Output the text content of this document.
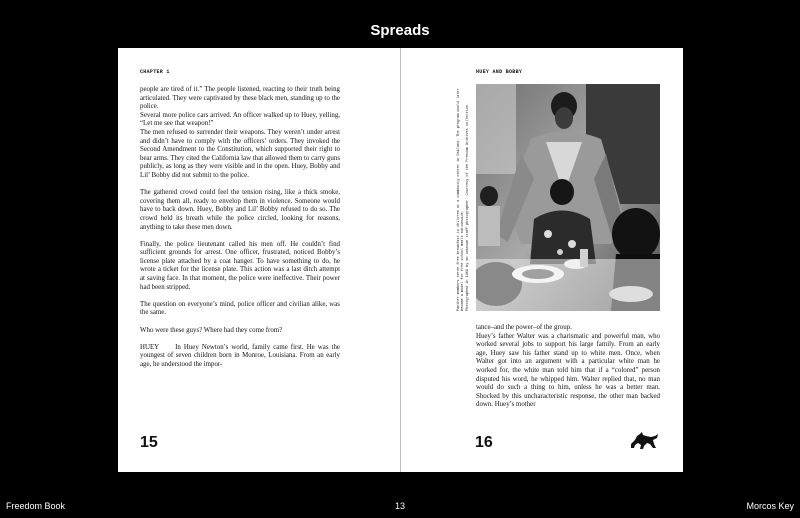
Spreads
CHAPTER 1

people are tired of it.” The people listened, reacting to their truth being articulated. They were captivated by these black men, standing up to the police.

Several more police cars arrived. An officer walked up to Huey, yelling, “Let me see that weapon!”

The men refused to surrender their weapons. They weren’t under arrest and didn’t have to comply with the officers’ orders. They invoked the Second Amendment to the Constitution, which supported their right to bear arms. They cited the California law that allowed them to carry guns publicly, as long as they were visible and in the open. Huey, Bobby and Lil’ Bobby did not submit to the police.

The gathered crowd could feel the tension rising, like a thick smoke, covering them all, ready to envelop them in violence. Someone would have to back down. Huey, Bobby and Lil’ Bobby refused to do so. The crowd held its breath while the police circled, looking for reasons, anything to take these men down.

Finally, the police lieutenant called his men off. He couldn’t find sufficient grounds for arrest. One officer, frustrated, noticed Bobby’s license plate attached by a coat hanger. To have something to do, he wrote a ticket for the license plate. This action was a last ditch attempt at saving face. In that moment, the police were ineffective. Their power had been stripped.

The question on everyone’s mind, police officer and civilian alike, was the same.

Who were these guys? Where had they come from?

HUEY In Huey Newton’s world, family came first. He was the youngest of seven children born in Monroe, Louisiana. From an early age, he understood the impor-

15
HUEY AND BOBBY
Panther members serve free breakfast to children at a community center in Oakland. The program would later become a model for free school meals nationwide. Photographed in 1969 by an unknown staff photographer. Courtesy of the Freedom Archives collection.

tance–and the power–of the group.

Huey’s father Walter was a charismatic and powerful man, who worked several jobs to support his large family. From an early age, Huey saw his father stand up to white men. Once, when Walter got into an argument with a particular white man he worked for, the white man told him that if a “colored” person disputed his word, he whipped him. Walter replied that, no man would do such a thing to him, unless he was a better man. Shocked by this uncharacteristic response, the other man backed down. Huey’s mother

16
Freedom Book	13	Morcos Key
